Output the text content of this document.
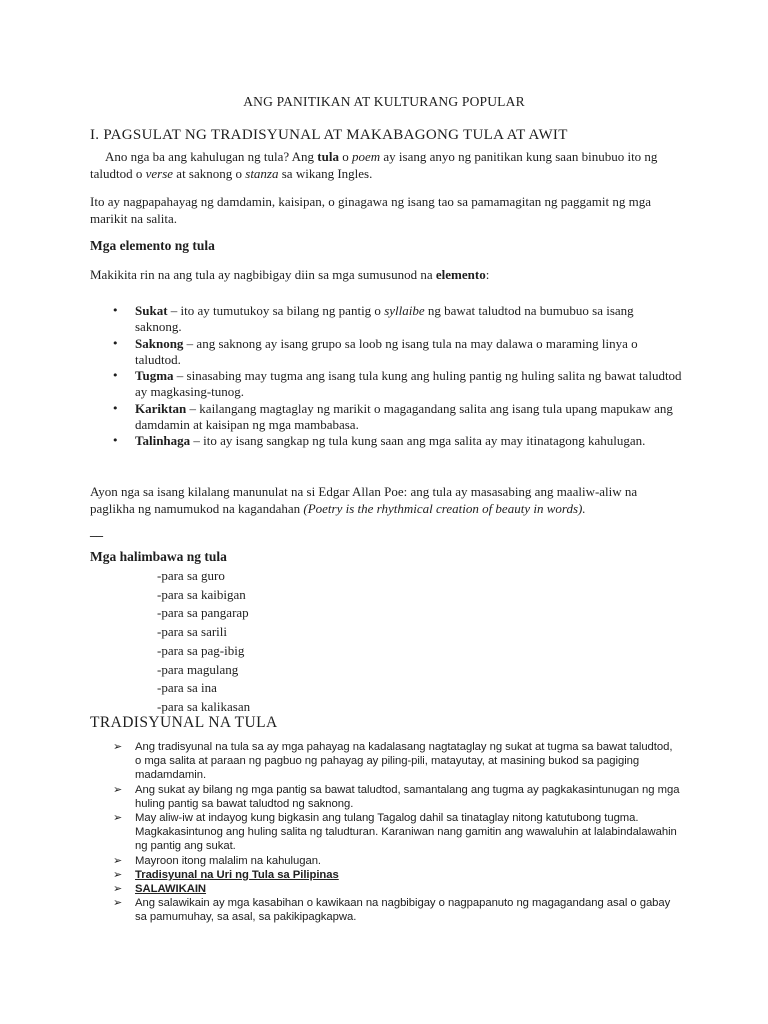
ANG PANITIKAN AT KULTURANG POPULAR
I. PAGSULAT NG TRADISYUNAL AT MAKABAGONG TULA AT AWIT
Ano nga ba ang kahulugan ng tula? Ang tula o poem ay isang anyo ng panitikan kung saan binubuo ito ng taludtod o verse at saknong o stanza sa wikang Ingles.
Ito ay nagpapahayag ng damdamin, kaisipan, o ginagawa ng isang tao sa pamamagitan ng paggamit ng mga marikit na salita.
Mga elemento ng tula
Makikita rin na ang tula ay nagbibigay diin sa mga sumusunod na elemento:
• Sukat – ito ay tumutukoy sa bilang ng pantig o syllaibe ng bawat taludtod na bumubuo sa isang saknong.
• Saknong – ang saknong ay isang grupo sa loob ng isang tula na may dalawa o maraming linya o taludtod.
• Tugma – sinasabing may tugma ang isang tula kung ang huling pantig ng huling salita ng bawat taludtod ay magkasing-tunog.
• Kariktan – kailangang magtaglay ng marikit o magagandang salita ang isang tula upang mapukaw ang damdamin at kaisipan ng mga mambabasa.
• Talinhaga – ito ay isang sangkap ng tula kung saan ang mga salita ay may itinatagong kahulugan.
Ayon nga sa isang kilalang manunulat na si Edgar Allan Poe: ang tula ay masasabing ang maaliw-aliw na paglikha ng namumukod na kagandahan (Poetry is the rhythmical creation of beauty in words).
__
Mga halimbawa ng tula
-para sa guro
-para sa kaibigan
-para sa pangarap
-para sa sarili
-para sa pag-ibig
-para magulang
-para sa ina
-para sa kalikasan
TRADISYUNAL NA TULA
➢ Ang tradisyunal na tula sa ay mga pahayag na kadalasang nagtataglay ng sukat at tugma sa bawat taludtod, o mga salita at paraan ng pagbuo ng pahayag ay piling-pili, matayutay, at masining bukod sa pagiging madamdamin.
➢ Ang sukat ay bilang ng mga pantig sa bawat taludtod, samantalang ang tugma ay pagkakasintunugan ng mga huling pantig sa bawat taludtod ng saknong.
➢ May aliw-iw at indayog kung bigkasin ang tulang Tagalog dahil sa tinataglay nitong katutubong tugma. Magkakasintunog ang huling salita ng taludturan. Karaniwan nang gamitin ang wawaluhin at lalabindalawahin ng pantig ang sukat.
➢ Mayroon itong malalim na kahulugan.
➢ Tradisyunal na Uri ng Tula sa Pilipinas
➢ SALAWIKAIN
➢ Ang salawikain ay mga kasabihan o kawikaan na nagbibigay o nagpapanuto ng magagandang asal o gabay sa pamumuhay, sa asal, sa pakikipagkapwa.
